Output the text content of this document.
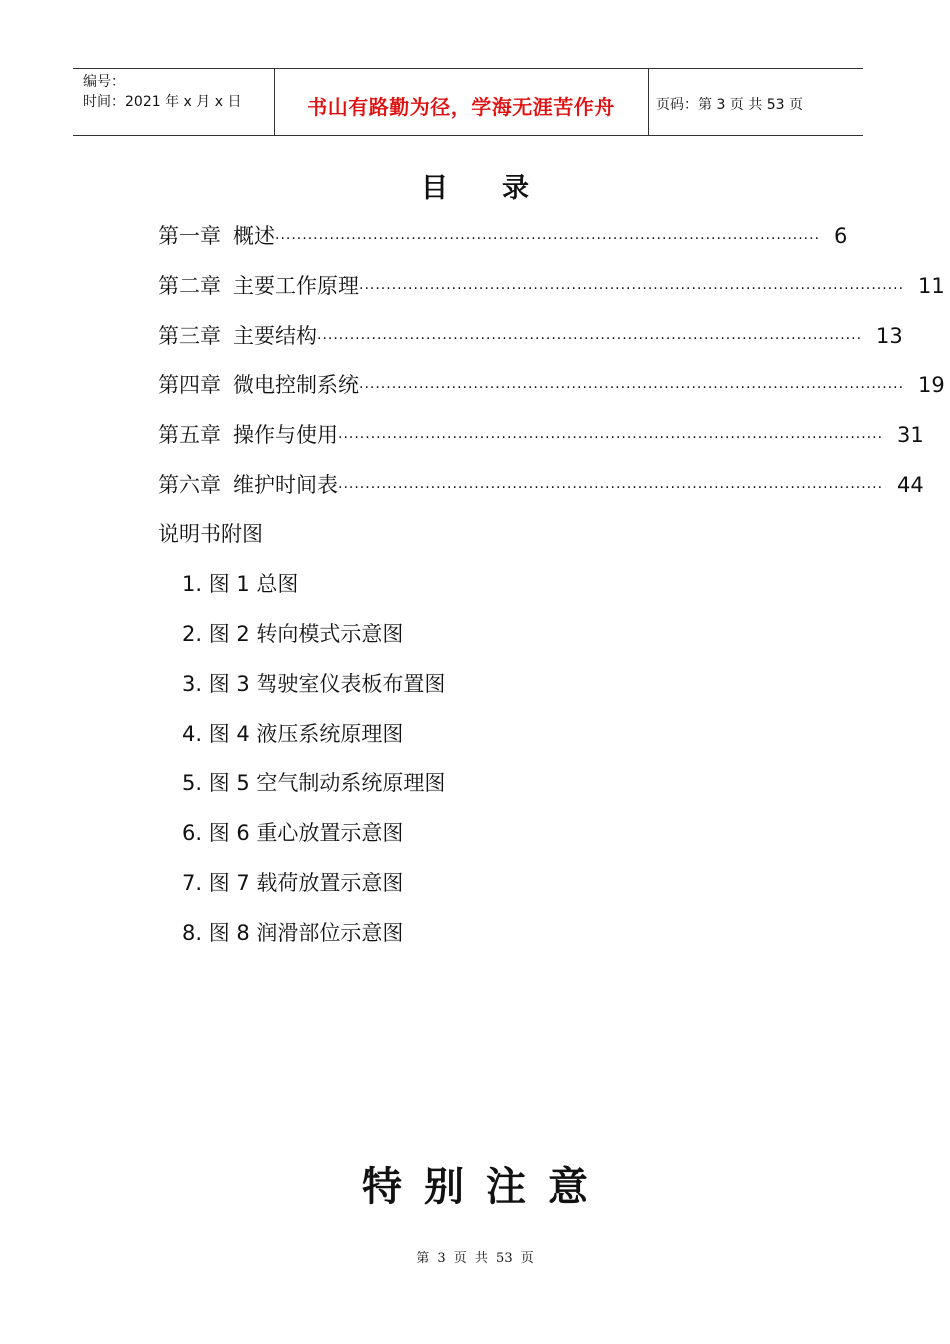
编号：
时间：2021 年 x 月 x 日	书山有路勤为径，学海无涯苦作舟	页码：第 3 页 共 53 页
目录
第一章 概述 ···································································································· 6
第二章 主要工作原理 ···································································································· 11
第三章 主要结构 ···································································································· 13
第四章 微电控制系统 ···································································································· 19
第五章 操作与使用 ···································································································· 31
第六章 维护时间表 ···································································································· 44
说明书附图
1. 图 1 总图
2. 图 2 转向模式示意图
3. 图 3 驾驶室仪表板布置图
4. 图 4 液压系统原理图
5. 图 5 空气制动系统原理图
6. 图 6 重心放置示意图
7. 图 7 载荷放置示意图
8. 图 8 润滑部位示意图
特别注意
第 3 页 共 53 页
